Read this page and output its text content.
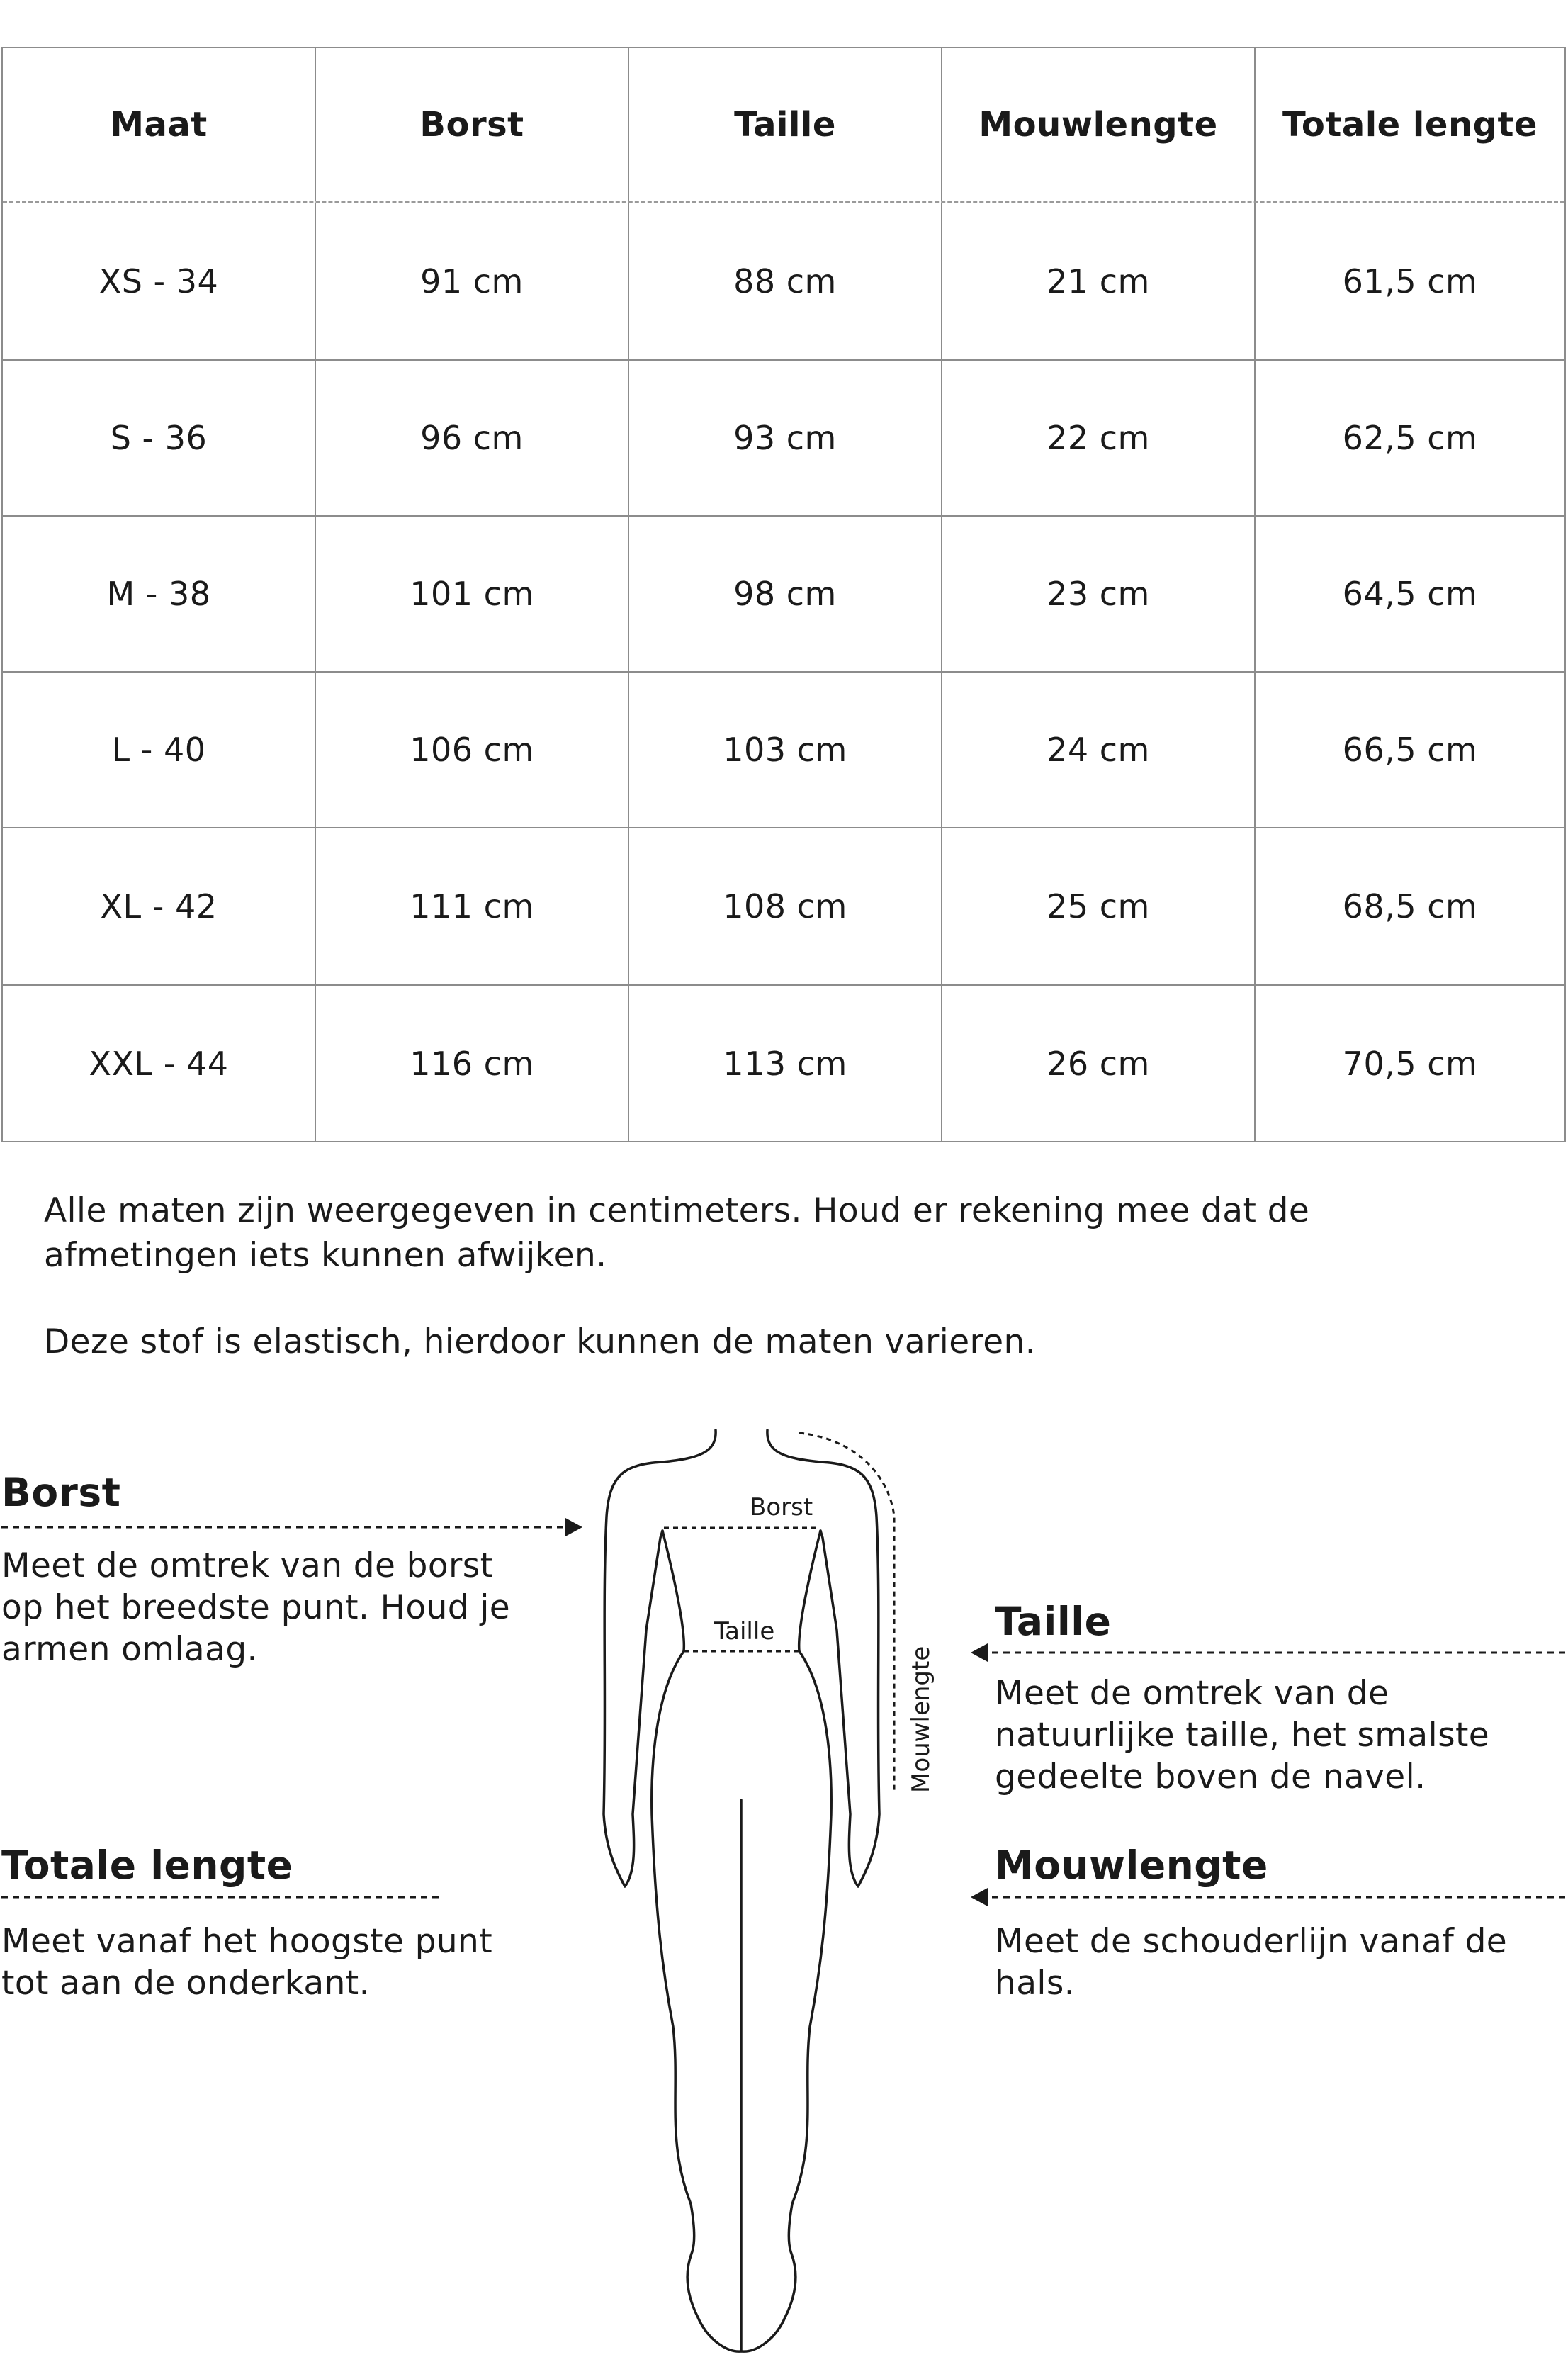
Maat	Borst	Taille	Mouwlengte	Totale lengte
XS - 34	91 cm	88 cm	21 cm	61,5 cm
S - 36	96 cm	93 cm	22 cm	62,5 cm
M - 38	101 cm	98 cm	23 cm	64,5 cm
L - 40	106 cm	103 cm	24 cm	66,5 cm
XL - 42	111 cm	108 cm	25 cm	68,5 cm
XXL - 44	116 cm	113 cm	26 cm	70,5 cm
Alle maten zijn weergegeven in centimeters. Houd er rekening mee dat de
afmetingen iets kunnen afwijken.
Deze stof is elastisch, hierdoor kunnen de maten varieren.
Borst
Meet de omtrek van de borst
op het breedste punt. Houd je
armen omlaag.
Totale lengte
Meet vanaf het hoogste punt
tot aan de onderkant.
Taille
Meet de omtrek van de
natuurlijke taille, het smalste
gedeelte boven de navel.
Mouwlengte
Meet de schouderlijn vanaf de
hals.
Borst
Taille
Mouwlengte
